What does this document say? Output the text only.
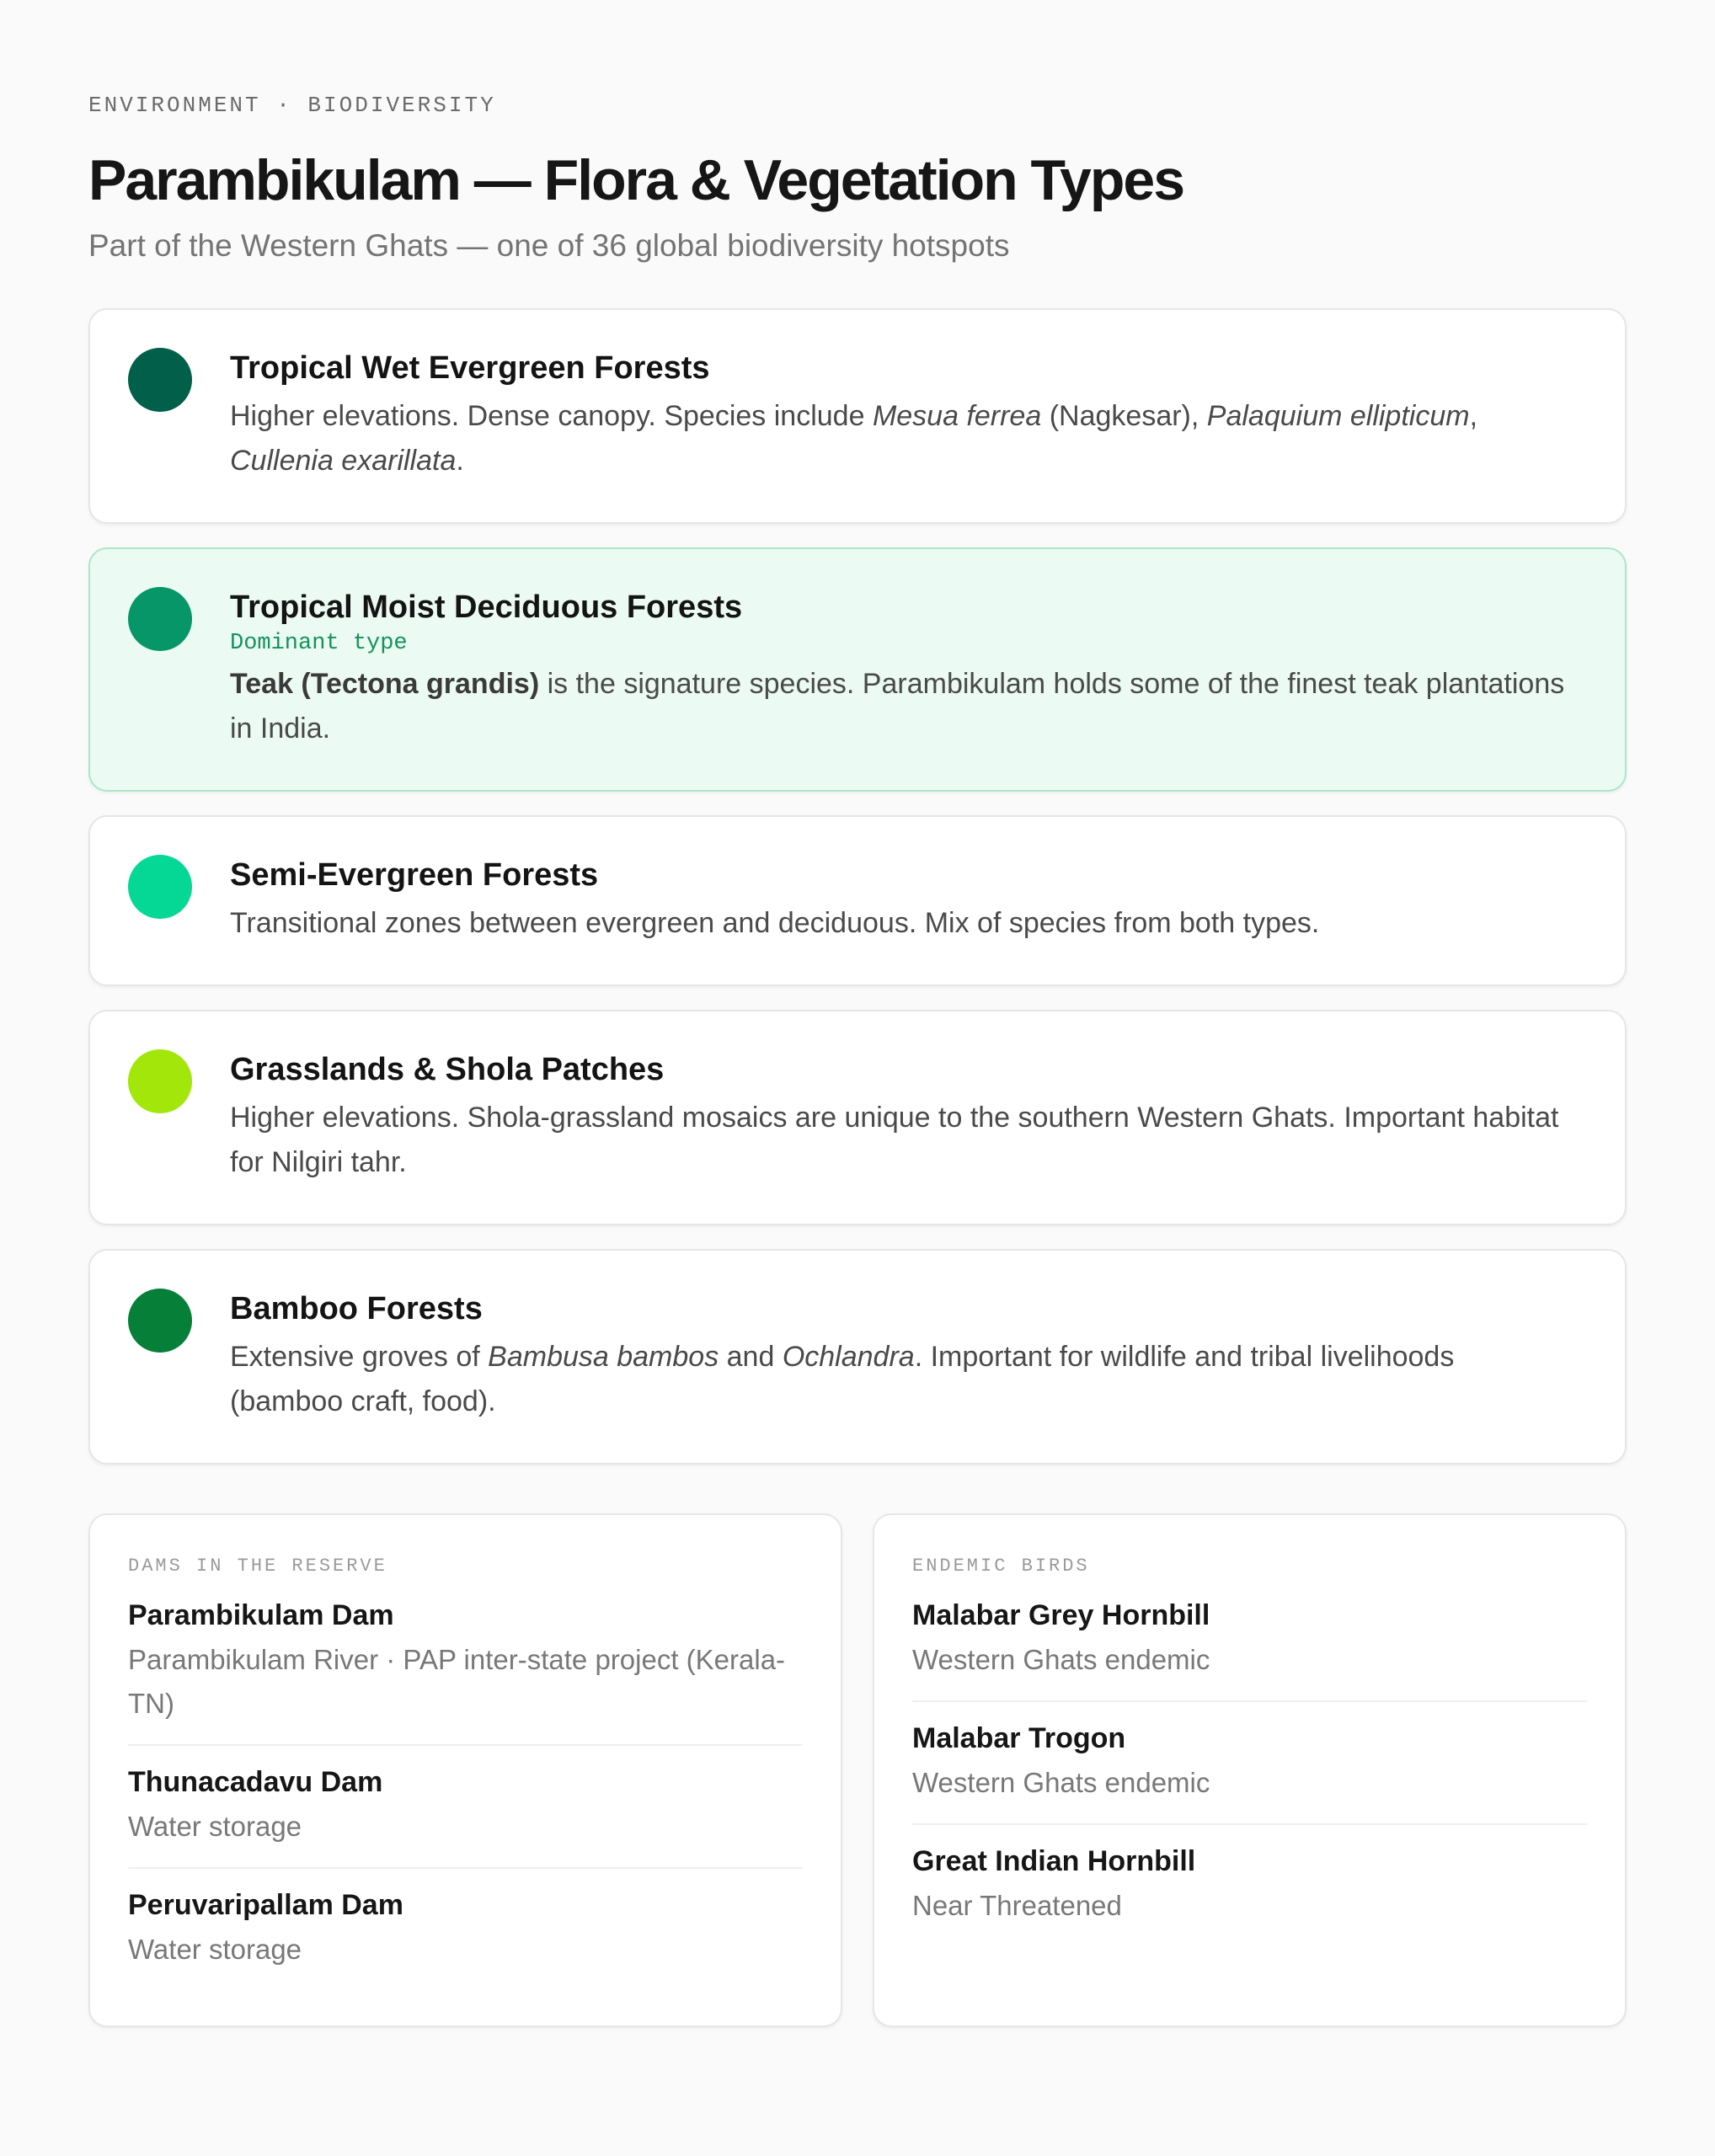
ENVIRONMENT · BIODIVERSITY
Parambikulam — Flora & Vegetation Types
Part of the Western Ghats — one of 36 global biodiversity hotspots
Tropical Wet Evergreen Forests
Higher elevations. Dense canopy. Species include Mesua ferrea (Nagkesar), Palaquium ellipticum, Cullenia exarillata.
Tropical Moist Deciduous Forests
Dominant type
Teak (Tectona grandis) is the signature species. Parambikulam holds some of the finest teak plantations in India.
Semi-Evergreen Forests
Transitional zones between evergreen and deciduous. Mix of species from both types.
Grasslands & Shola Patches
Higher elevations. Shola-grassland mosaics are unique to the southern Western Ghats. Important habitat for Nilgiri tahr.
Bamboo Forests
Extensive groves of Bambusa bambos and Ochlandra. Important for wildlife and tribal livelihoods (bamboo craft, food).
DAMS IN THE RESERVE
Parambikulam Dam
Parambikulam River · PAP inter-state project (Kerala-TN)
Thunacadavu Dam
Water storage
Peruvaripallam Dam
Water storage
ENDEMIC BIRDS
Malabar Grey Hornbill
Western Ghats endemic
Malabar Trogon
Western Ghats endemic
Great Indian Hornbill
Near Threatened
